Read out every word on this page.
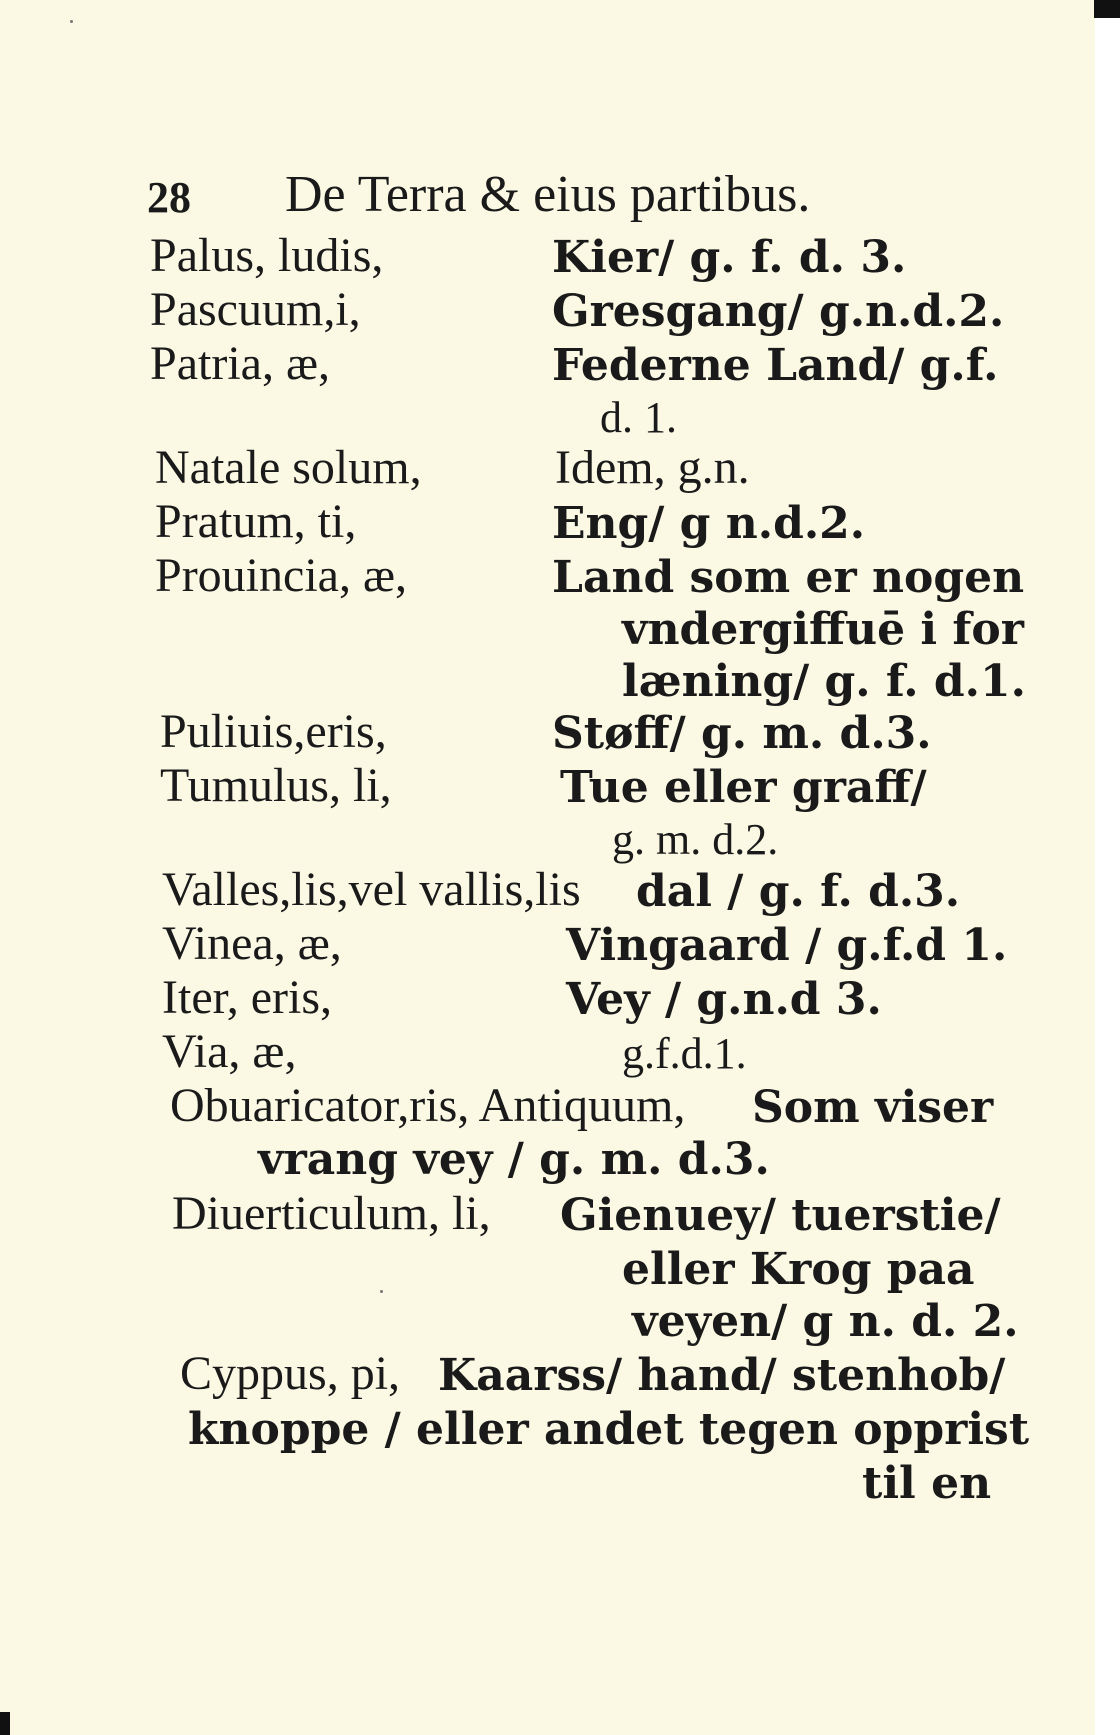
28 De Terra & eius partibus.
Palus, ludis,	Kier/ g. f. d. 3.
Pascuum,i,	Gresgang/ g.n.d.2.
Patria, æ,	Federne Land/ g.f.
d. 1.
Natale solum,	Idem, g.n.
Pratum, ti,	Eng/ g n.d.2.
Prouincia, æ,	Land som er nogen
vndergiffuē i for
læning/ g. f. d.1.
Puliuis,eris,	Støff/ g. m. d.3.
Tumulus, li,	Tue eller graff/
g. m. d.2.
Valles,lis,vel vallis,lis dal / g. f. d.3.
Vinea, æ,	Vingaard / g.f.d 1.
Iter, eris,	Vey / g.n.d 3.
Via, æ,	g.f.d.1.
Obuaricator,ris, Antiquum, Som viser
vrang vey / g. m. d.3.
Diuerticulum, li, Gienuey/ tuerstie/
eller Krog paa
veyen/ g n. d. 2.
Cyppus, pi, Kaarss/ hand/ stenhob/
knoppe / eller andet tegen opprist
til en
